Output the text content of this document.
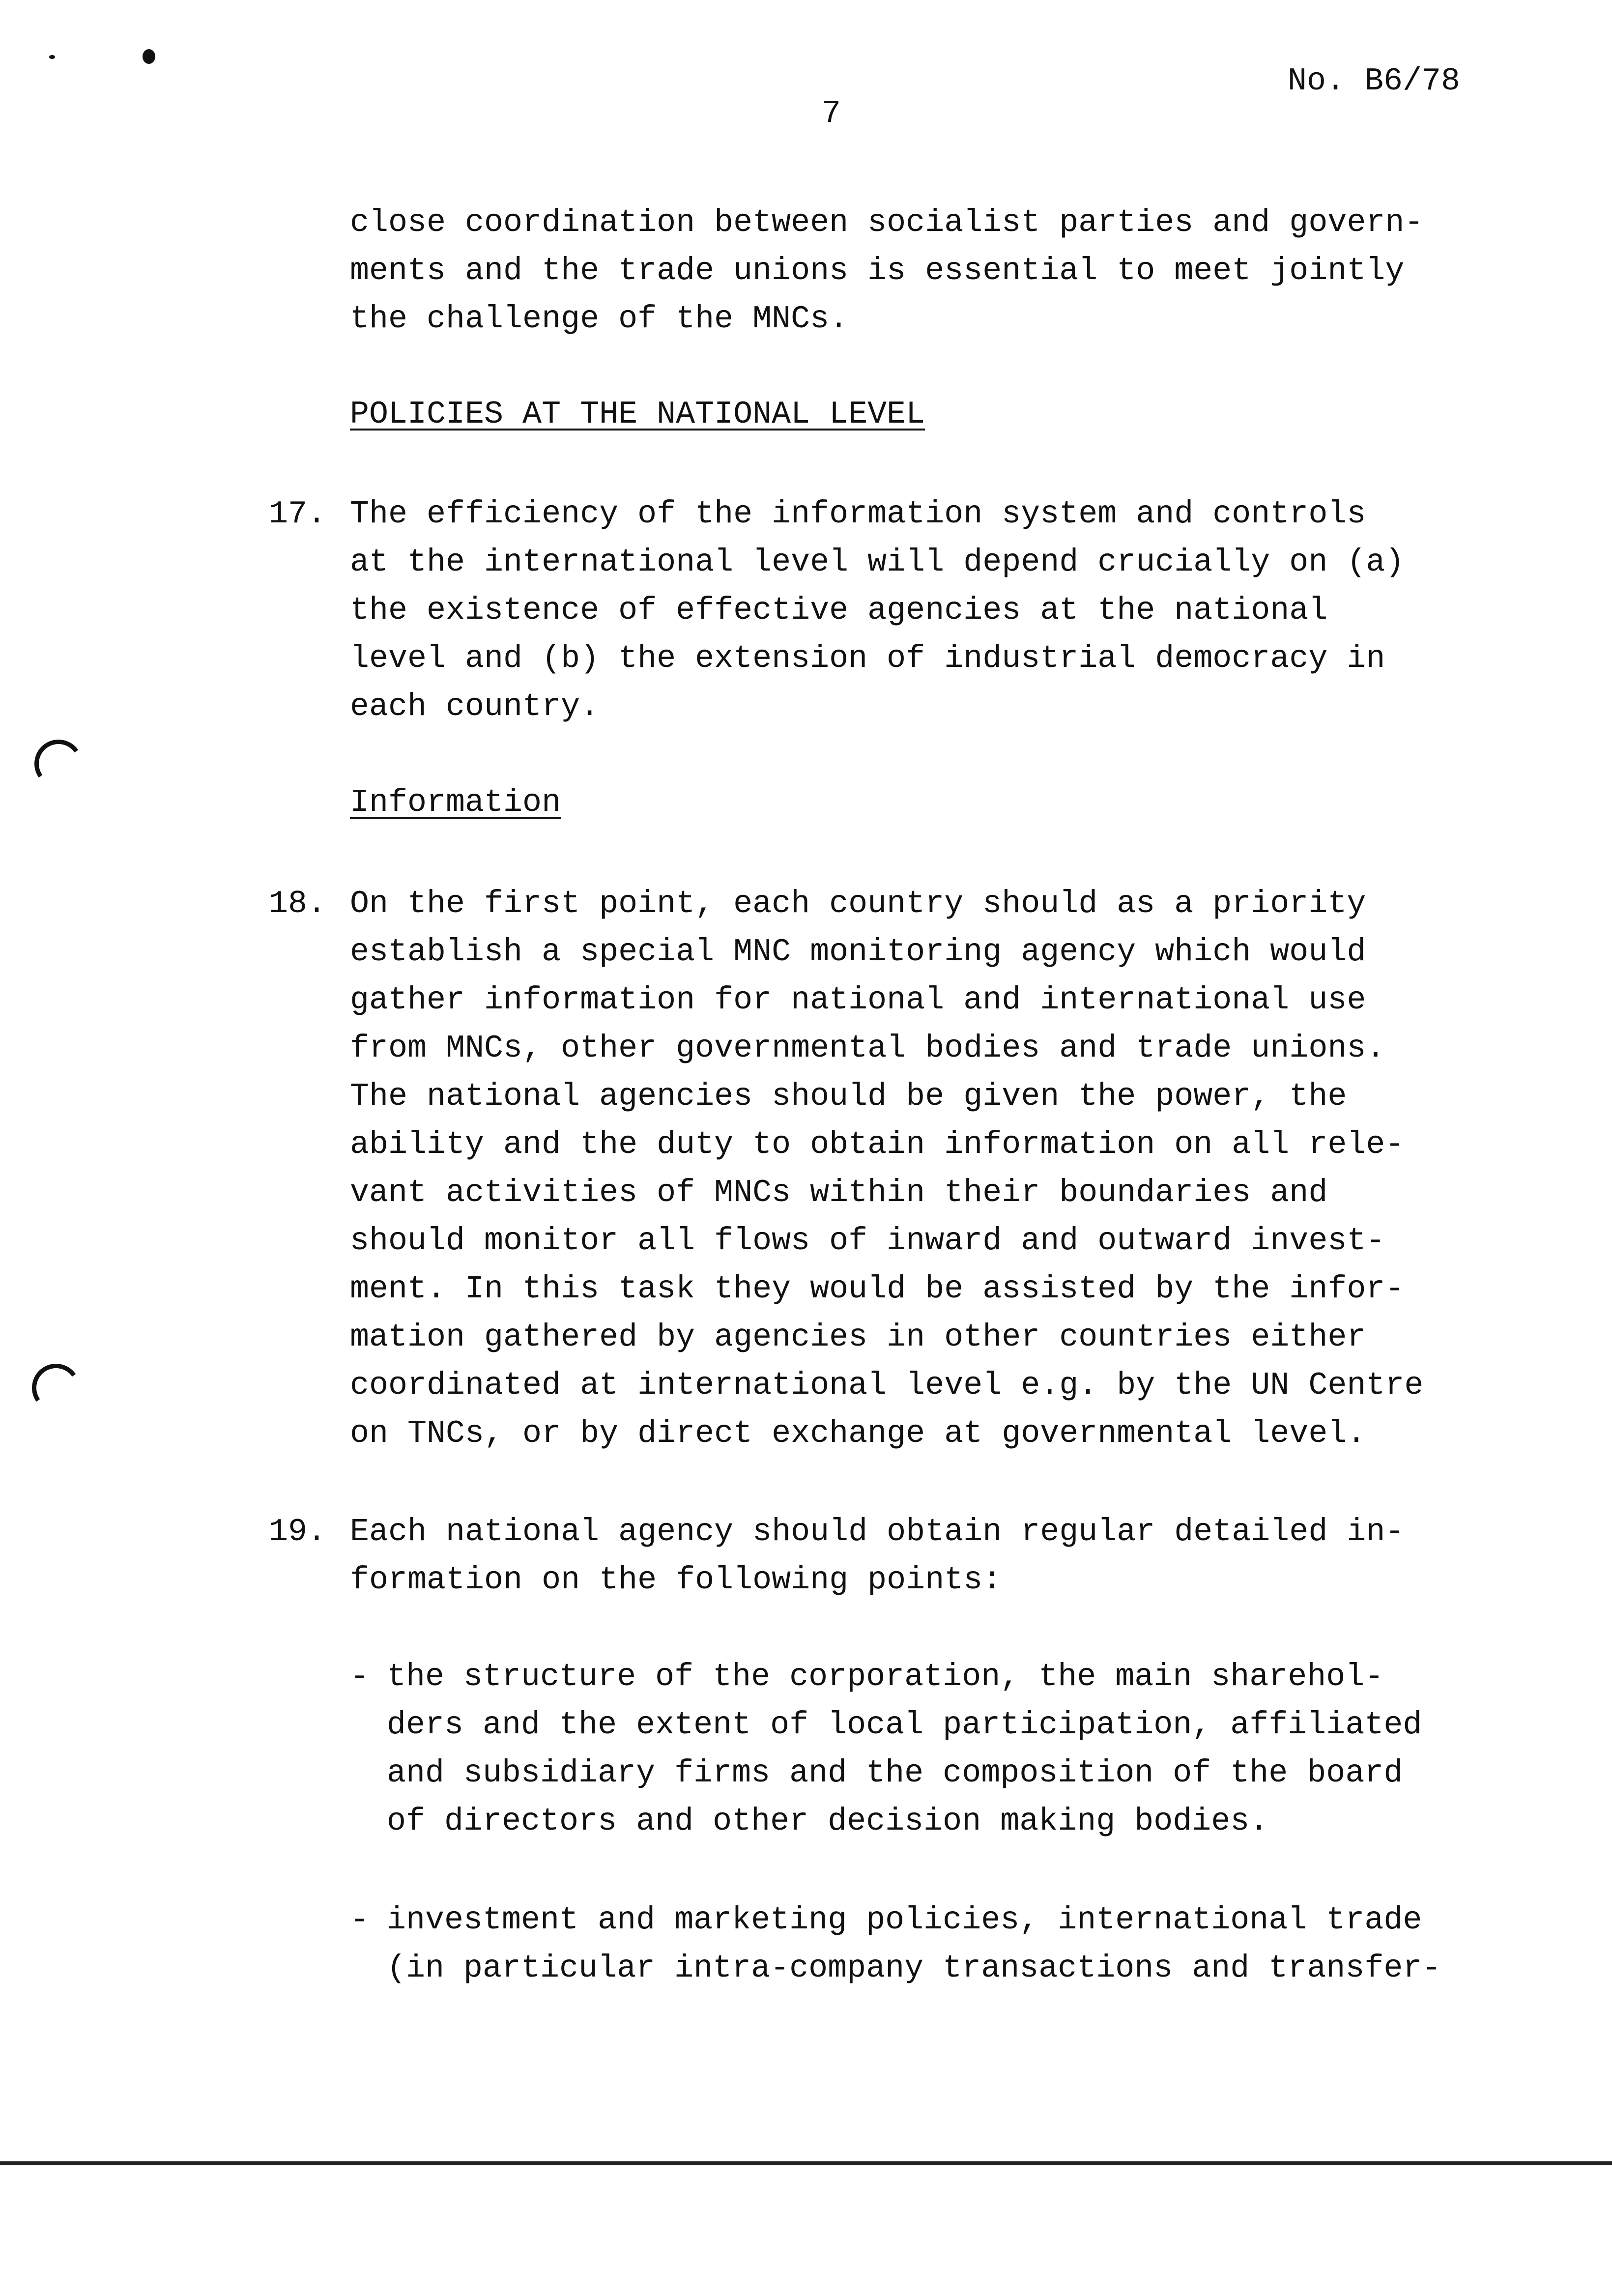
No. B6/78
7
close coordination between socialist parties and govern-
ments and the trade unions is essential to meet jointly
the challenge of the MNCs.
POLICIES AT THE NATIONAL LEVEL
17. The efficiency of the information system and controls
at the international level will depend crucially on (a)
the existence of effective agencies at the national
level and (b) the extension of industrial democracy in
each country.
Information
18. On the first point, each country should as a priority
establish a special MNC monitoring agency which would
gather information for national and international use
from MNCs, other governmental bodies and trade unions.
The national agencies should be given the power, the
ability and the duty to obtain information on all rele-
vant activities of MNCs within their boundaries and
should monitor all flows of inward and outward invest-
ment. In this task they would be assisted by the infor-
mation gathered by agencies in other countries either
coordinated at international level e.g. by the UN Centre
on TNCs, or by direct exchange at governmental level.
19. Each national agency should obtain regular detailed in-
formation on the following points:
- the structure of the corporation, the main sharehol-
ders and the extent of local participation, affiliated
and subsidiary firms and the composition of the board
of directors and other decision making bodies.
- investment and marketing policies, international trade
(in particular intra-company transactions and transfer-
